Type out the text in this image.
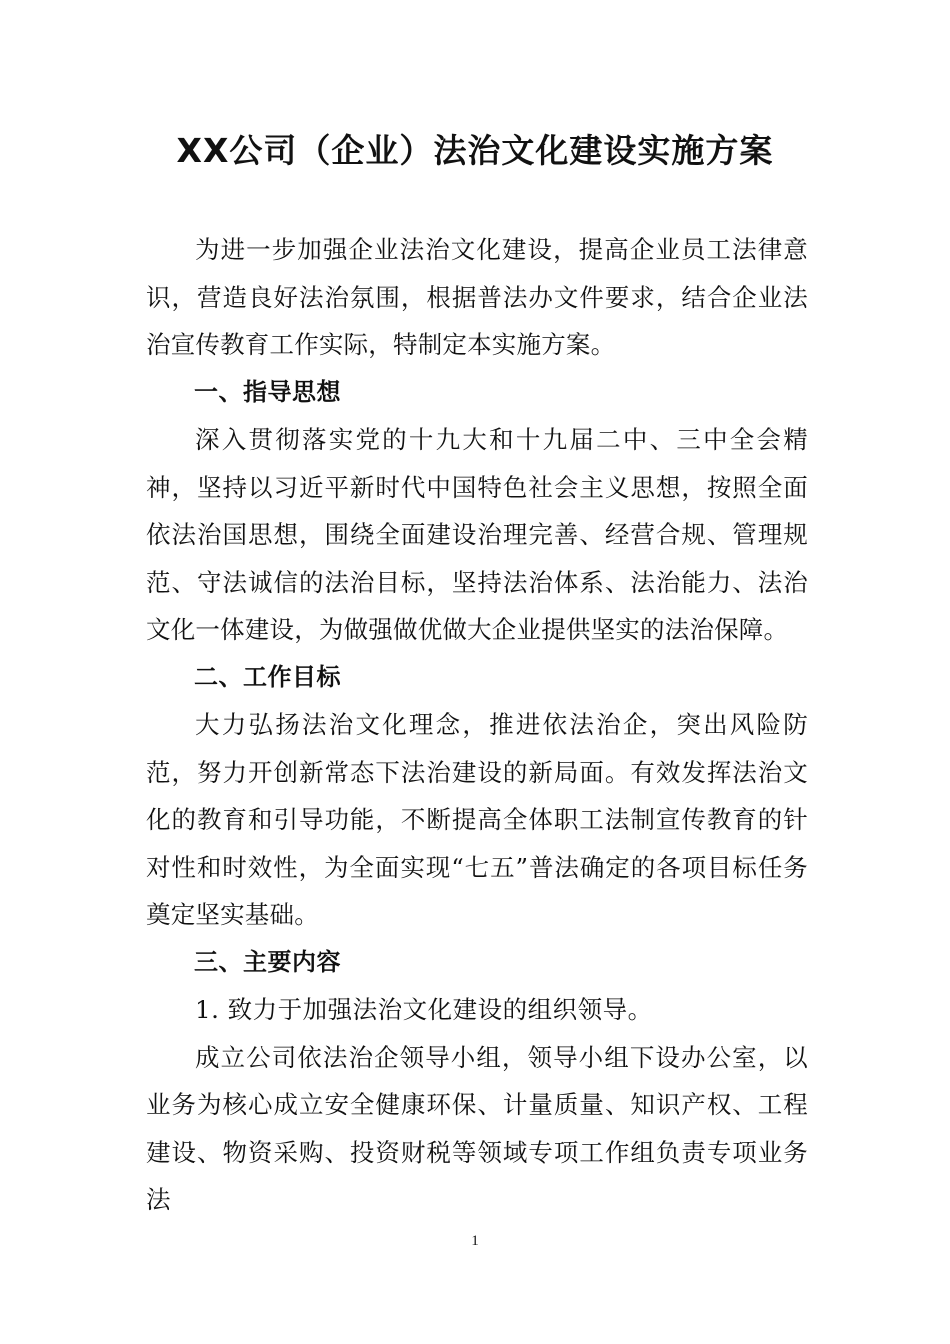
XX公司（企业）法治文化建设实施方案

为进一步加强企业法治文化建设，提高企业员工法律意识，营造良好法治氛围，根据普法办文件要求，结合企业法治宣传教育工作实际，特制定本实施方案。

一、指导思想

深入贯彻落实党的十九大和十九届二中、三中全会精神，坚持以习近平新时代中国特色社会主义思想，按照全面依法治国思想，围绕全面建设治理完善、经营合规、管理规范、守法诚信的法治目标，坚持法治体系、法治能力、法治文化一体建设，为做强做优做大企业提供坚实的法治保障。

二、工作目标

大力弘扬法治文化理念，推进依法治企，突出风险防范，努力开创新常态下法治建设的新局面。有效发挥法治文化的教育和引导功能，不断提高全体职工法制宣传教育的针对性和时效性，为全面实现“七五”普法确定的各项目标任务奠定坚实基础。

三、主要内容

1. 致力于加强法治文化建设的组织领导。

成立公司依法治企领导小组，领导小组下设办公室，以业务为核心成立安全健康环保、计量质量、知识产权、工程建设、物资采购、投资财税等领域专项工作组负责专项业务法

1
